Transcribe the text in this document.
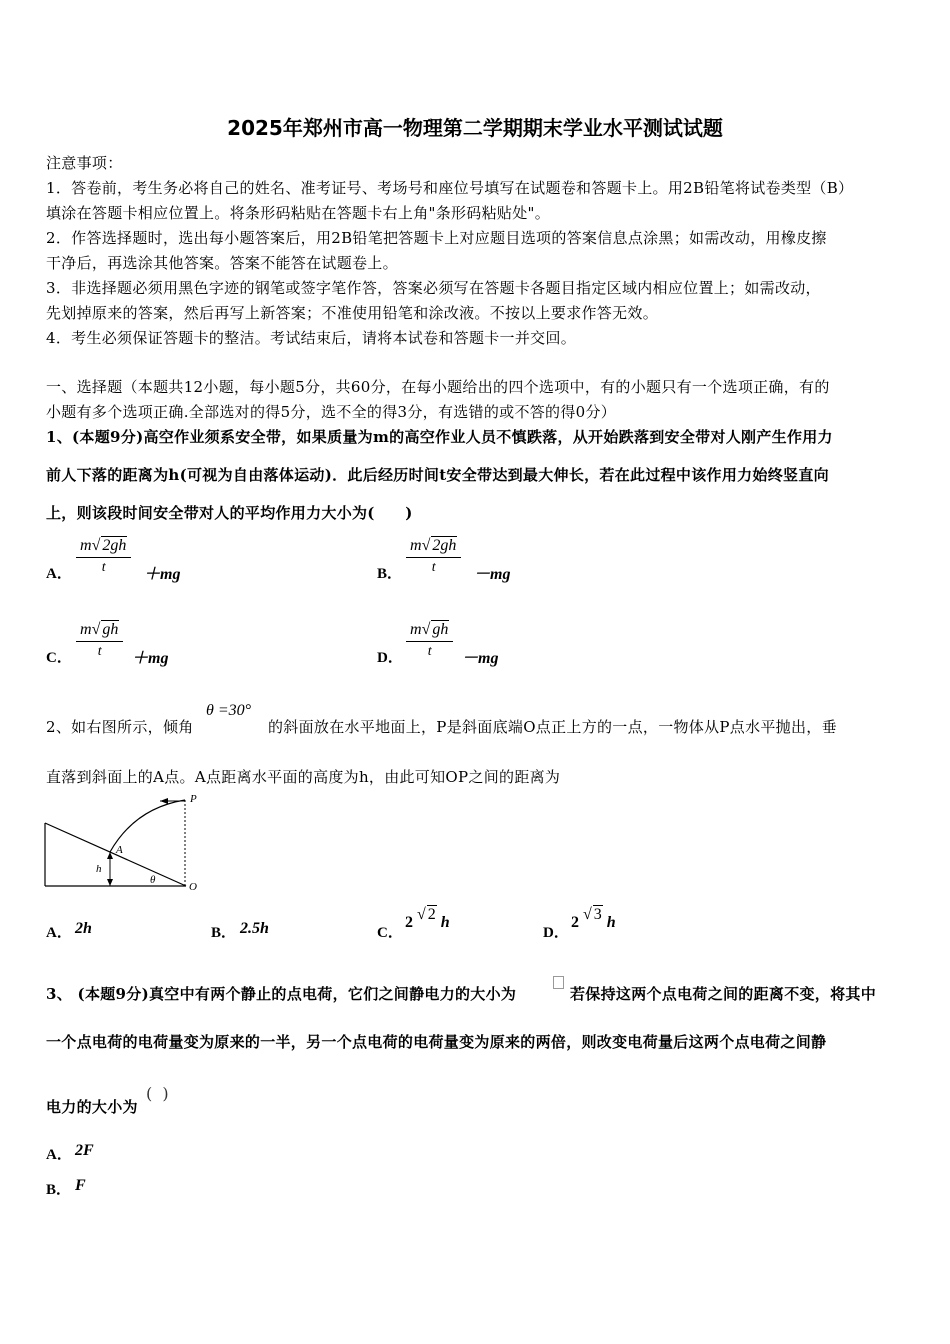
2025年郑州市高一物理第二学期期末学业水平测试试题
注意事项：
1．答卷前，考生务必将自己的姓名、准考证号、考场号和座位号填写在试题卷和答题卡上。用2B铅笔将试卷类型（B）
填涂在答题卡相应位置上。将条形码粘贴在答题卡右上角"条形码粘贴处"。
2．作答选择题时，选出每小题答案后，用2B铅笔把答题卡上对应题目选项的答案信息点涂黑；如需改动，用橡皮擦
干净后，再选涂其他答案。答案不能答在试题卷上。
3．非选择题必须用黑色字迹的钢笔或签字笔作答，答案必须写在答题卡各题目指定区域内相应位置上；如需改动，
先划掉原来的答案，然后再写上新答案；不准使用铅笔和涂改液。不按以上要求作答无效。
4．考生必须保证答题卡的整洁。考试结束后，请将本试卷和答题卡一并交回。
一、选择题（本题共12小题，每小题5分，共60分，在每小题给出的四个选项中，有的小题只有一个选项正确，有的
小题有多个选项正确.全部选对的得5分，选不全的得3分，有选错的或不答的得0分）
1、(本题9分)高空作业须系安全带，如果质量为m的高空作业人员不慎跌落，从开始跌落到安全带对人刚产生作用力
前人下落的距离为h(可视为自由落体运动)．此后经历时间t安全带达到最大伸长，若在此过程中该作用力始终竖直向
上，则该段时间安全带对人的平均作用力大小为(　　)
A．
m√ 2gh
t	＋mg	B．
m√ 2gh
t	－mg
C．
m√ gh
t	＋mg	D．
m√ gh
t	－mg
2、如右图所示，倾角
θ =30°
的斜面放在水平地面上，P是斜面底端O点正上方的一点，一物体从P点水平抛出，垂
直落到斜面上的A点。A点距离水平面的高度为h，由此可知OP之间的距离为
P
A
h
θ
O
A． 2h	B． 2.5h	C．
2 √ 2 h
D．
2 √ 3 h
3、 (本题9分)真空中有两个静止的点电荷，它们之间静电力的大小为	若保持这两个点电荷之间的距离不变，将其中
一个点电荷的电荷量变为原来的一半，另一个点电荷的电荷量变为原来的两倍，则改变电荷量后这两个点电荷之间静
电力的大小为
(  )
A． 2F
B． F
